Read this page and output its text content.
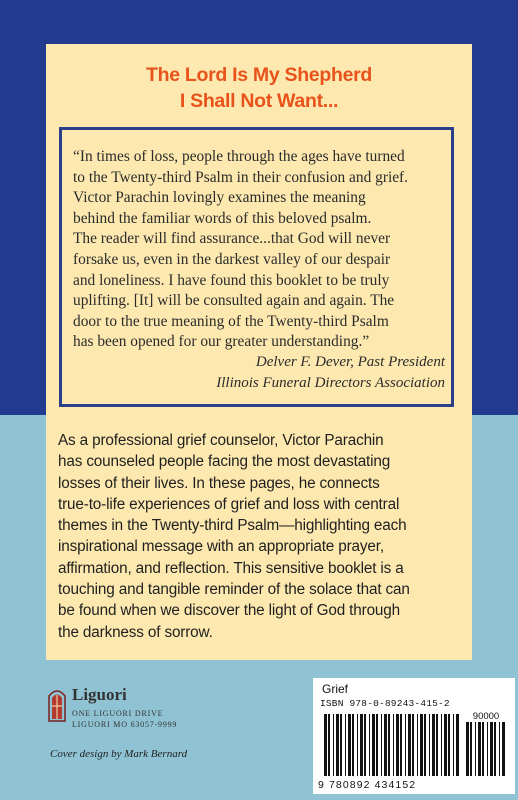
The Lord Is My Shepherd
I Shall Not Want...
“In times of loss, people through the ages have turned
to the Twenty-third Psalm in their confusion and grief.
Victor Parachin lovingly examines the meaning
behind the familiar words of this beloved psalm.
The reader will find assurance...that God will never
forsake us, even in the darkest valley of our despair
and loneliness. I have found this booklet to be truly
uplifting. [It] will be consulted again and again. The
door to the true meaning of the Twenty-third Psalm
has been opened for our greater understanding.”
Delver F. Dever, Past President
Illinois Funeral Directors Association
As a professional grief counselor, Victor Parachin
has counseled people facing the most devastating
losses of their lives. In these pages, he connects
true-to-life experiences of grief and loss with central
themes in the Twenty-third Psalm—highlighting each
inspirational message with an appropriate prayer,
affirmation, and reflection. This sensitive booklet is a
touching and tangible reminder of the solace that can
be found when we discover the light of God through
the darkness of sorrow.
Liguori
ONE LIGUORI DRIVE
LIGUORI MO 63057-9999
Cover design by Mark Bernard
Grief
ISBN 978-0-89243-415-2
90000
9 780892 434152
